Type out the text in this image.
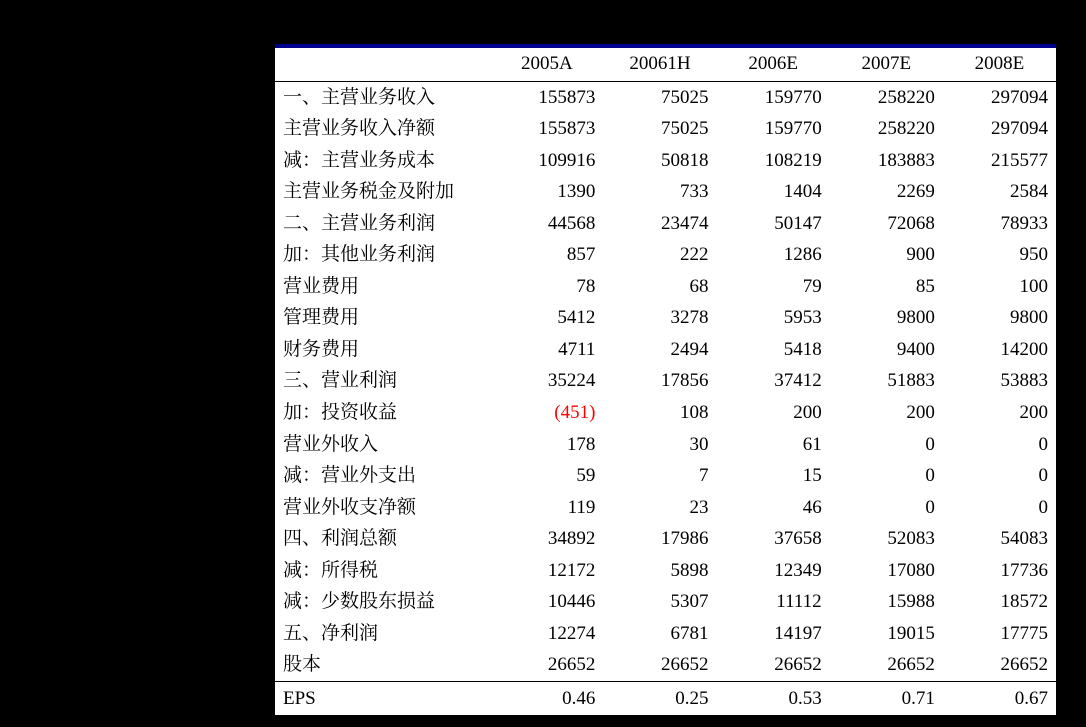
	2005A	20061H	2006E	2007E	2008E
一、主营业务收入	155873	75025	159770	258220	297094
主营业务收入净额	155873	75025	159770	258220	297094
减：主营业务成本	109916	50818	108219	183883	215577
主营业务税金及附加	1390	733	1404	2269	2584
二、主营业务利润	44568	23474	50147	72068	78933
加：其他业务利润	857	222	1286	900	950
营业费用	78	68	79	85	100
管理费用	5412	3278	5953	9800	9800
财务费用	4711	2494	5418	9400	14200
三、营业利润	35224	17856	37412	51883	53883
加：投资收益	(451)	108	200	200	200
营业外收入	178	30	61	0	0
减：营业外支出	59	7	15	0	0
营业外收支净额	119	23	46	0	0
四、利润总额	34892	17986	37658	52083	54083
减：所得税	12172	5898	12349	17080	17736
减：少数股东损益	10446	5307	11112	15988	18572
五、净利润	12274	6781	14197	19015	17775
股本	26652	26652	26652	26652	26652
EPS	0.46	0.25	0.53	0.71	0.67
